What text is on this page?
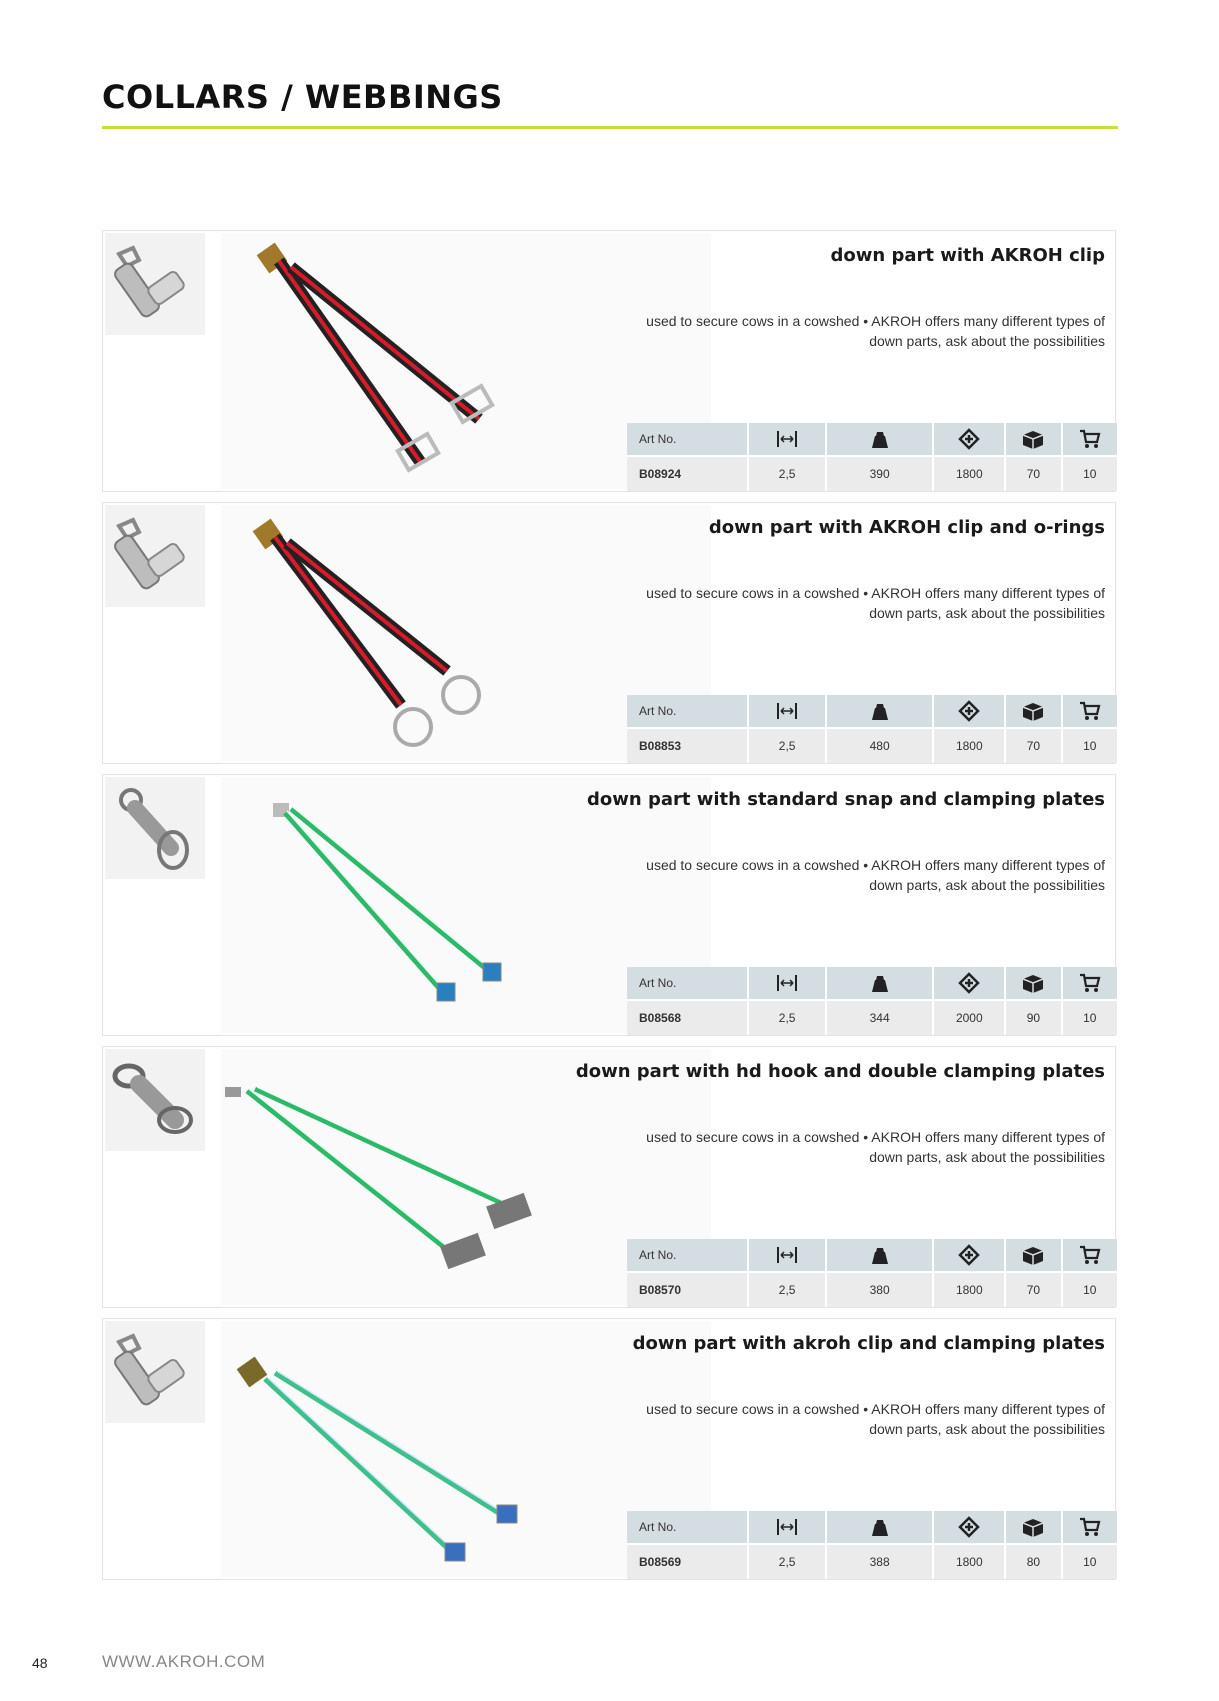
COLLARS / WEBBINGS
down part with AKROH clip

used to secure cows in a cowshed • AKROH offers many different types of down parts, ask about the possibilities

Art No.					
B08924	2,5	390	1800	70	10
down part with AKROH clip and o-rings

used to secure cows in a cowshed • AKROH offers many different types of down parts, ask about the possibilities

Art No.					
B08853	2,5	480	1800	70	10
down part with standard snap and clamping plates

used to secure cows in a cowshed • AKROH offers many different types of down parts, ask about the possibilities

Art No.					
B08568	2,5	344	2000	90	10
down part with hd hook and double clamping plates

used to secure cows in a cowshed • AKROH offers many different types of down parts, ask about the possibilities

Art No.					
B08570	2,5	380	1800	70	10
down part with akroh clip and clamping plates

used to secure cows in a cowshed • AKROH offers many different types of down parts, ask about the possibilities

Art No.					
B08569	2,5	388	1800	80	10
48	WWW.AKROH.COM
